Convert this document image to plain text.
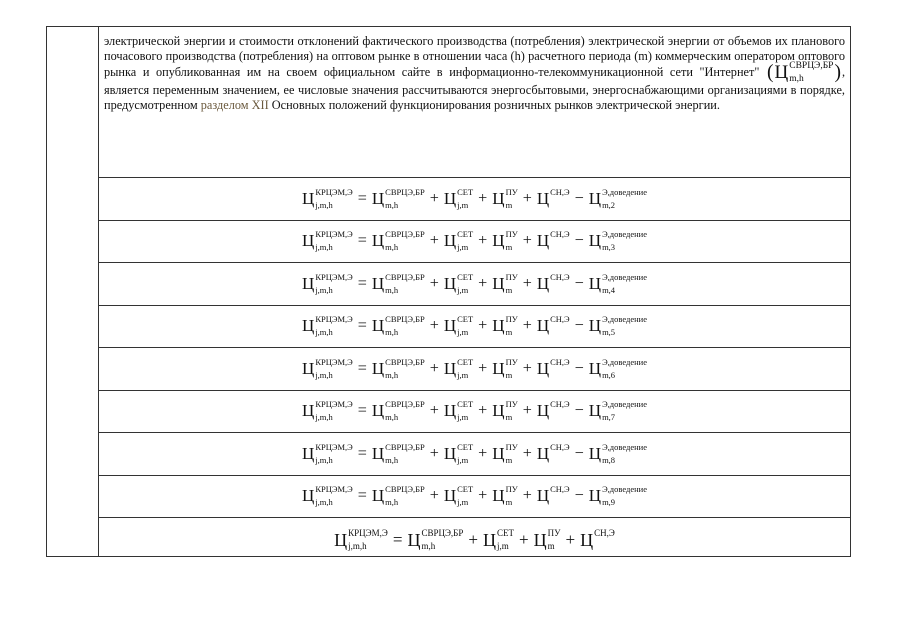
электрической энергии и стоимости отклонений фактического производства (потребления) электрической энергии от объемов их планового почасового производства (потребления) на оптовом рынке в отношении часа (h) расчетного периода (m) коммерческим оператором оптового рынка и опубликованная им на своем официальном сайте в информационно-телекоммуникационной сети "Интернет" ( Ц СВРЦЭ,БР
m,h	), является переменным значением, ее числовые значения рассчитываются энергосбытовыми, энергоснабжающими организациями в порядке, предусмотренном разделом XII Основных положений функционирования розничных рынков электрической энергии.
Ц КРЦЭМ,Э
j,m,h	= Ц СВРЦЭ,БР
m,h	+ Ц СЕТ
j,m + Ц ПУ
m + Ц СН,Э
− Ц Э,доведение
m,2
Ц КРЦЭМ,Э
j,m,h	= Ц СВРЦЭ,БР
m,h	+ Ц СЕТ
j,m + Ц ПУ
m + Ц СН,Э
− Ц Э,доведение
m,3
Ц КРЦЭМ,Э
j,m,h	= Ц СВРЦЭ,БР
m,h	+ Ц СЕТ
j,m + Ц ПУ
m + Ц СН,Э
− Ц Э,доведение
m,4
Ц КРЦЭМ,Э
j,m,h	= Ц СВРЦЭ,БР
m,h	+ Ц СЕТ
j,m + Ц ПУ
m + Ц СН,Э
− Ц Э,доведение
m,5
Ц КРЦЭМ,Э
j,m,h	= Ц СВРЦЭ,БР
m,h	+ Ц СЕТ
j,m + Ц ПУ
m + Ц СН,Э
− Ц Э,доведение
m,6
Ц КРЦЭМ,Э
j,m,h	= Ц СВРЦЭ,БР
m,h	+ Ц СЕТ
j,m + Ц ПУ
m + Ц СН,Э
− Ц Э,доведение
m,7
Ц КРЦЭМ,Э
j,m,h	= Ц СВРЦЭ,БР
m,h	+ Ц СЕТ
j,m + Ц ПУ
m + Ц СН,Э
− Ц Э,доведение
m,8
Ц КРЦЭМ,Э
j,m,h	= Ц СВРЦЭ,БР
m,h	+ Ц СЕТ
j,m + Ц ПУ
m + Ц СН,Э
− Ц Э,доведение
m,9
Ц КРЦЭМ,Э
j,m,h	= Ц СВРЦЭ,БР
m,h	+ Ц СЕТ
j,m + Ц ПУ
m + Ц СН,Э
